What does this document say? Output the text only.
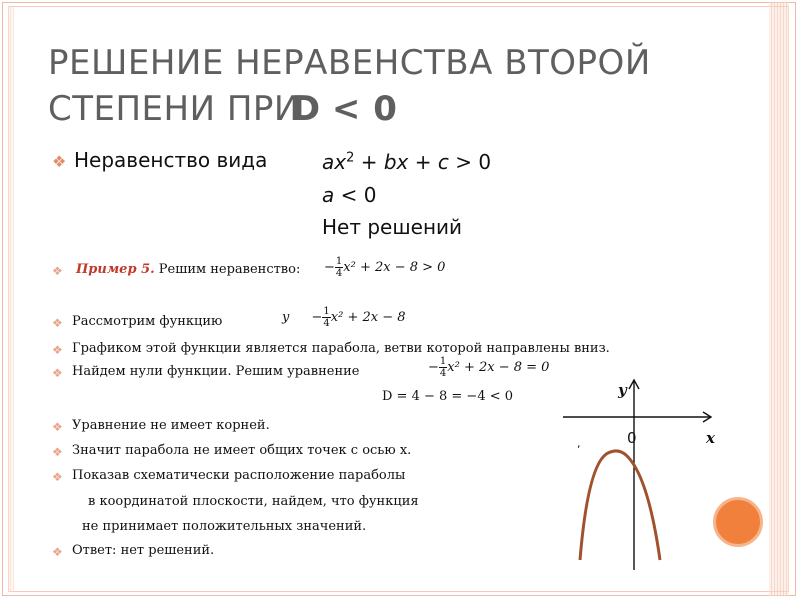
РЕШЕНИЕ НЕРАВЕНСТВА ВТОРОЙ
СТЕПЕНИ ПРИD < 0
❖ Неравенство вида	$ax^2$ + bx + c > 0
a < 0
Нет решений
❖ Пример 5. Решим неравенство: − $\frac{1}{4} x^2 + 2x - 8 > 0$
❖ Рассмотрим функцию	$y - \frac{1}{4} x^2 + 2x - 8$
❖ Графиком этой функции является парабола, ветви которой направлены вниз.
❖ Найдем нули функции. Решим уравнение	− $\frac{1}{4} x^2 + 2x - 8 = 0$
D = 4 − 8 = −4 < 0
❖ Уравнение не имеет корней.
❖ Значит парабола не имеет общих точек с осью x.
❖ Показав схематически расположение параболы
в координатой плоскости, найдем, что функция
не принимает положительных значений.
❖ Ответ: нет решений.
y
x
0
,
